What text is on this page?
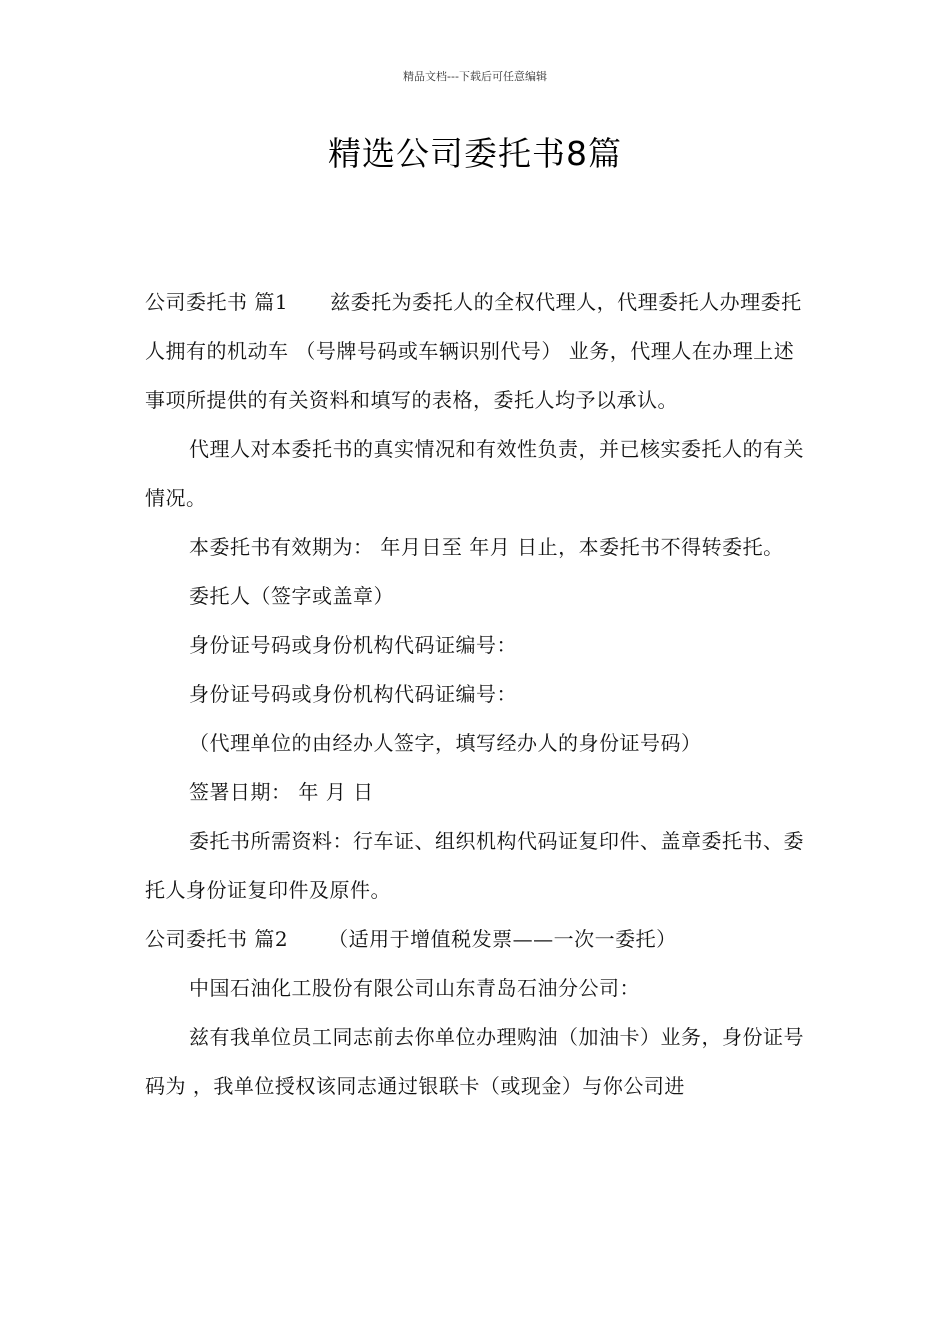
精品文档---下载后可任意编辑
精选公司委托书8篇

公司委托书 篇1 兹委托为委托人的全权代理人，代理委托人办理委托人拥有的机动车 （号牌号码或车辆识别代号） 业务，代理人在办理上述事项所提供的有关资料和填写的表格，委托人均予以承认。

代理人对本委托书的真实情况和有效性负责，并已核实委托人的有关情况。

本委托书有效期为： 年月日至 年月 日止，本委托书不得转委托。

委托人（签字或盖章）

身份证号码或身份机构代码证编号：

身份证号码或身份机构代码证编号：

（代理单位的由经办人签字，填写经办人的身份证号码）

签署日期： 年 月 日

委托书所需资料：行车证、组织机构代码证复印件、盖章委托书、委托人身份证复印件及原件。

公司委托书 篇2 （适用于增值税发票——一次一委托）

中国石油化工股份有限公司山东青岛石油分公司：

兹有我单位员工同志前去你单位办理购油（加油卡）业务，身份证号码为 ，我单位授权该同志通过银联卡（或现金）与你公司进
